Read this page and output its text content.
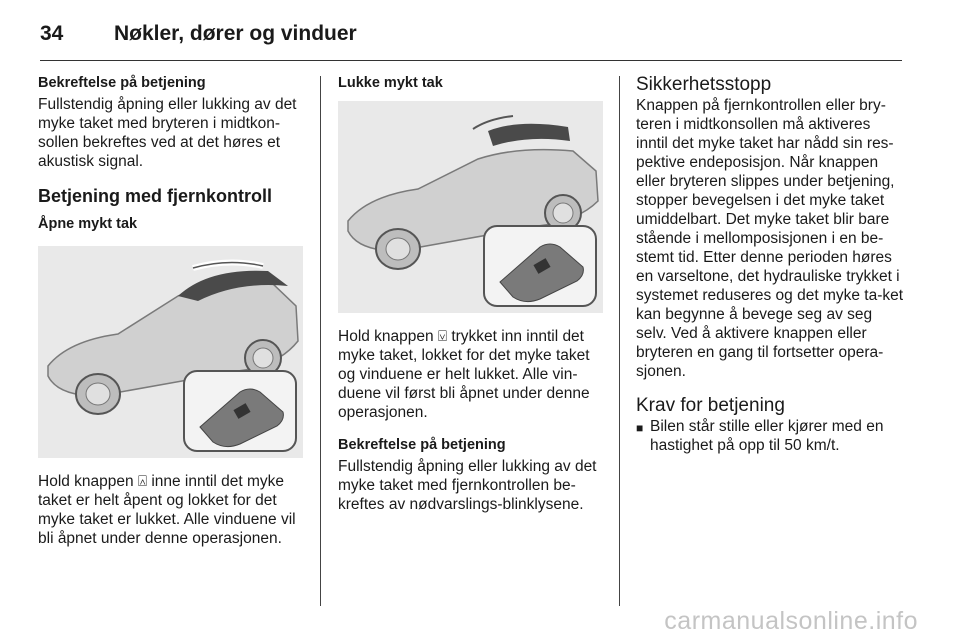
34	Nøkler, dører og vinduer
Bekreftelse på betjening

Fullstendig åpning eller lukking av det myke taket med bryteren i midtkon-sollen bekreftes ved at det høres et akustisk signal.

Betjening med fjernkontroll
Åpne mykt tak

Hold knappen ⍓ inne inntil det myke taket er helt åpent og lokket for det myke taket er lukket. Alle vinduene vil bli åpnet under denne operasjonen.

Lukke mykt tak

Hold knappen ⍌ trykket inn inntil det myke taket, lokket for det myke taket og vinduene er helt lukket. Alle vin-duene vil først bli åpnet under denne operasjonen.

Bekreftelse på betjening

Fullstendig åpning eller lukking av det myke taket med fjernkontrollen be-kreftes av nødvarslings-blinklysene.

Sikkerhetsstopp

Knappen på fjernkontrollen eller bry-teren i midtkonsollen må aktiveres inntil det myke taket har nådd sin res-pektive endeposisjon. Når knappen eller bryteren slippes under betjening, stopper bevegelsen i det myke taket umiddelbart. Det myke taket blir bare stående i mellomposisjonen i en be-stemt tid. Etter denne perioden høres en varseltone, det hydrauliske trykket i systemet reduseres og det myke ta-ket kan begynne å bevege seg av seg selv. Ved å aktivere knappen eller bryteren en gang til fortsetter opera-sjonen.

Krav for betjening
■ Bilen står stille eller kjører med en hastighet på opp til 50 km/t.
carmanualsonline.info
